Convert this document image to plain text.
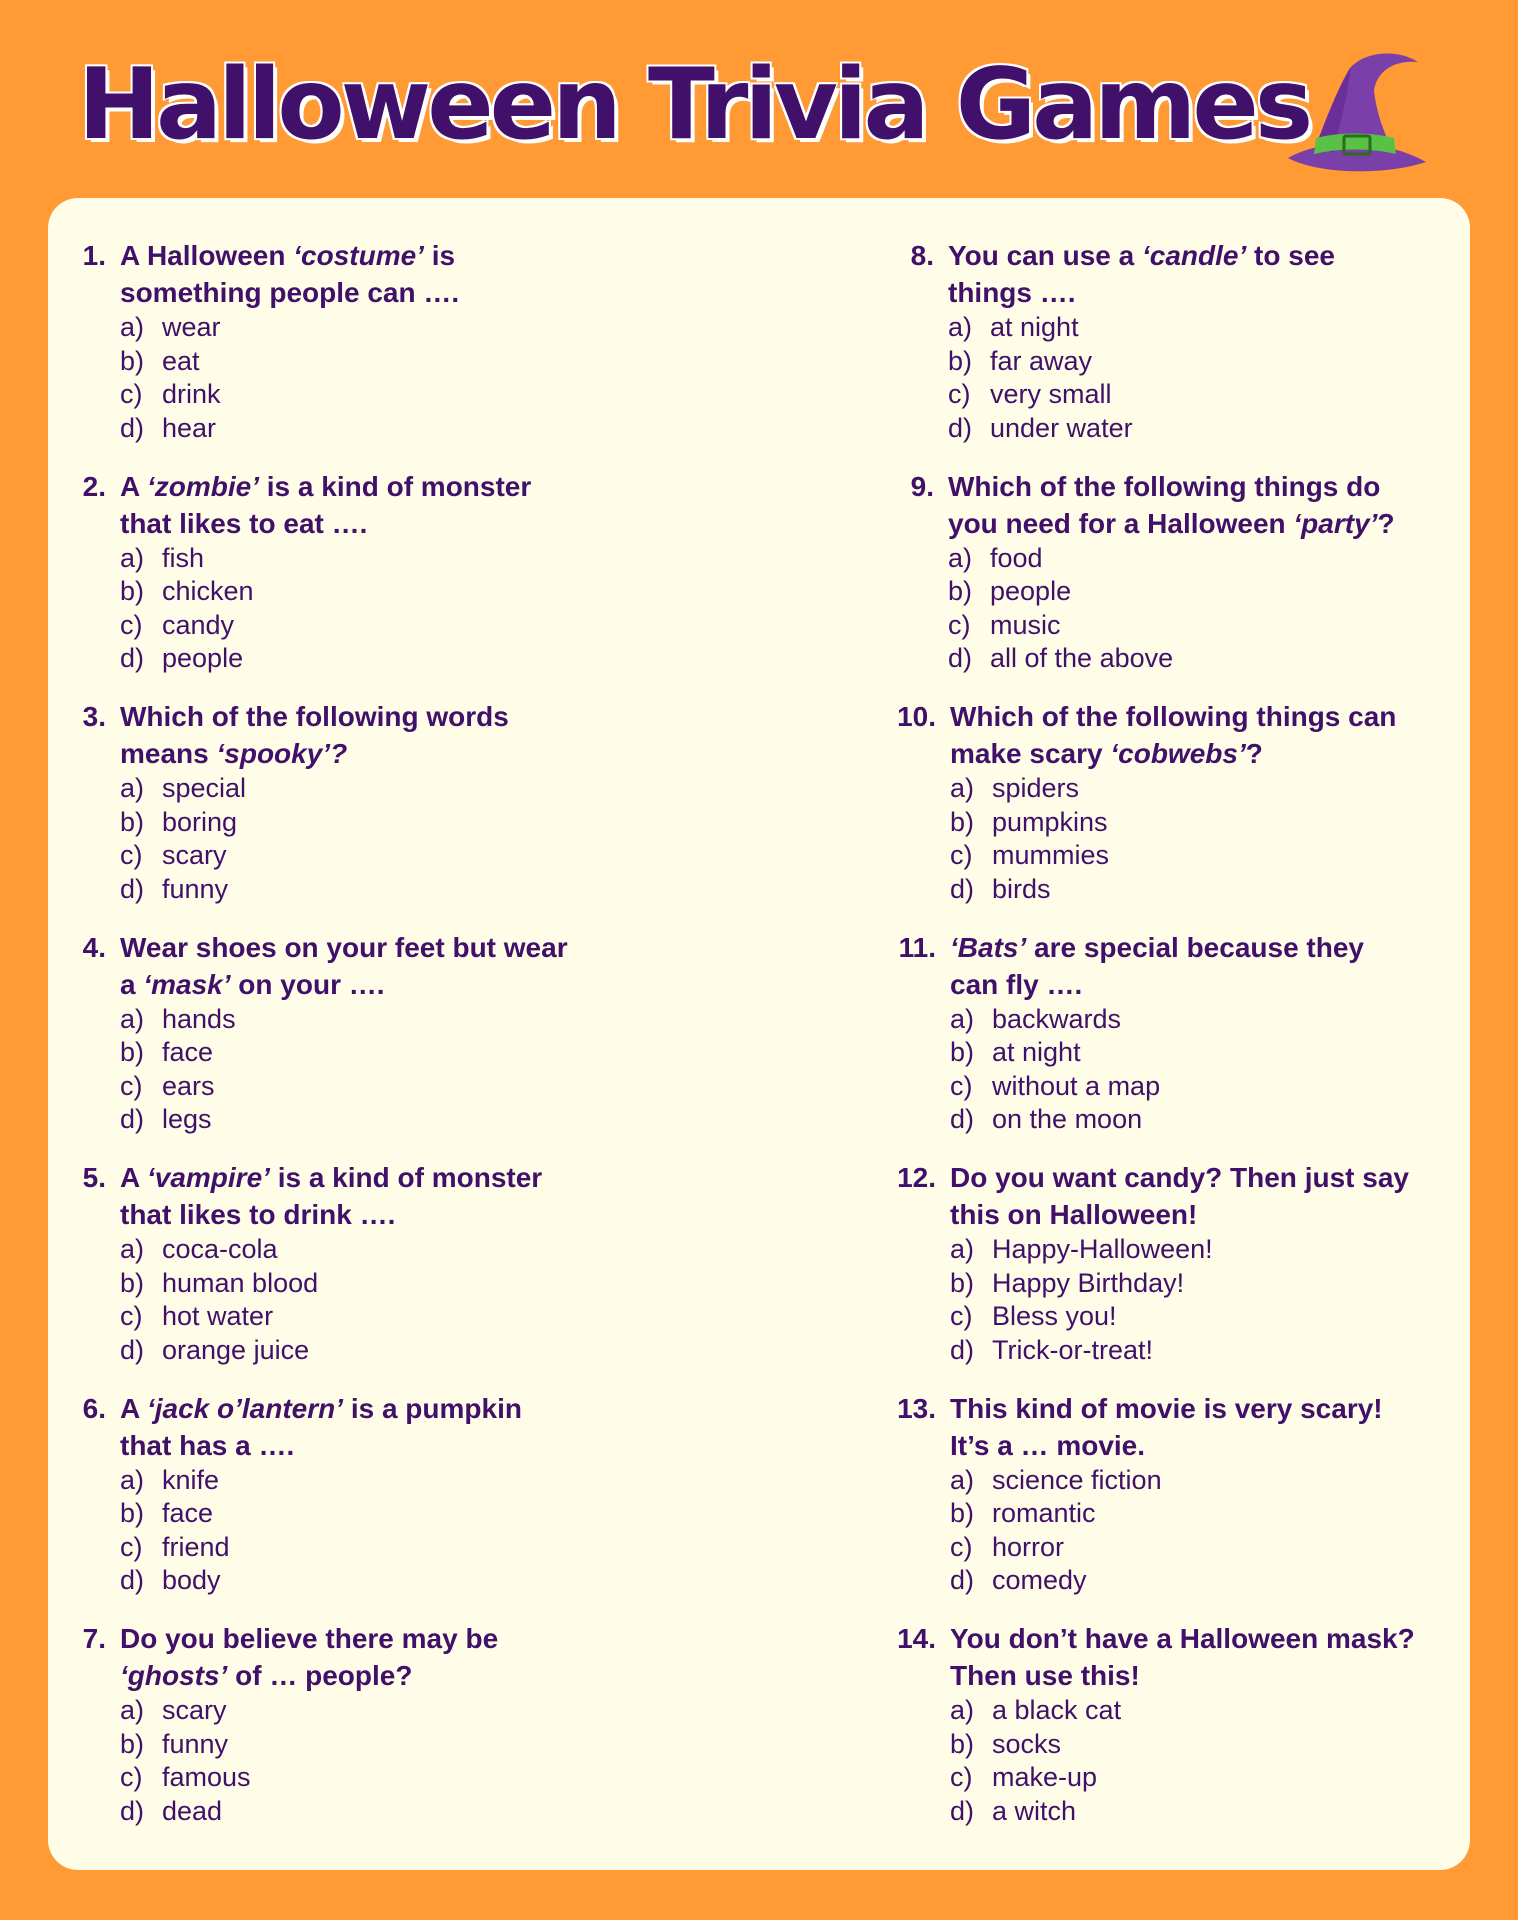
Halloween Trivia Games
1. A Halloween ‘costume’ is
something people can ….
a) wear
b) eat
c) drink
d) hear
2. A ‘zombie’ is a kind of monster
that likes to eat ….
a) fish
b) chicken
c) candy
d) people
3. Which of the following words
means ‘spooky’?
a) special
b) boring
c) scary
d) funny
4. Wear shoes on your feet but wear
a ‘mask’ on your ….
a) hands
b) face
c) ears
d) legs
5. A ‘vampire’ is a kind of monster
that likes to drink ….
a) coca-cola
b) human blood
c) hot water
d) orange juice
6. A ‘jack o’lantern’ is a pumpkin
that has a ….
a) knife
b) face
c) friend
d) body
7. Do you believe there may be
‘ghosts’ of … people?
a) scary
b) funny
c) famous
d) dead
8. You can use a ‘candle’ to see
things ….
a) at night
b) far away
c) very small
d) under water
9. Which of the following things do
you need for a Halloween ‘party’?
a) food
b) people
c) music
d) all of the above
10. Which of the following things can
make scary ‘cobwebs’?
a) spiders
b) pumpkins
c) mummies
d) birds
11. ‘Bats’ are special because they
can fly ….
a) backwards
b) at night
c) without a map
d) on the moon
12. Do you want candy? Then just say
this on Halloween!
a) Happy-Halloween!
b) Happy Birthday!
c) Bless you!
d) Trick-or-treat!
13. This kind of movie is very scary!
It’s a … movie.
a) science fiction
b) romantic
c) horror
d) comedy
14. You don’t have a Halloween mask?
Then use this!
a) a black cat
b) socks
c) make-up
d) a witch
